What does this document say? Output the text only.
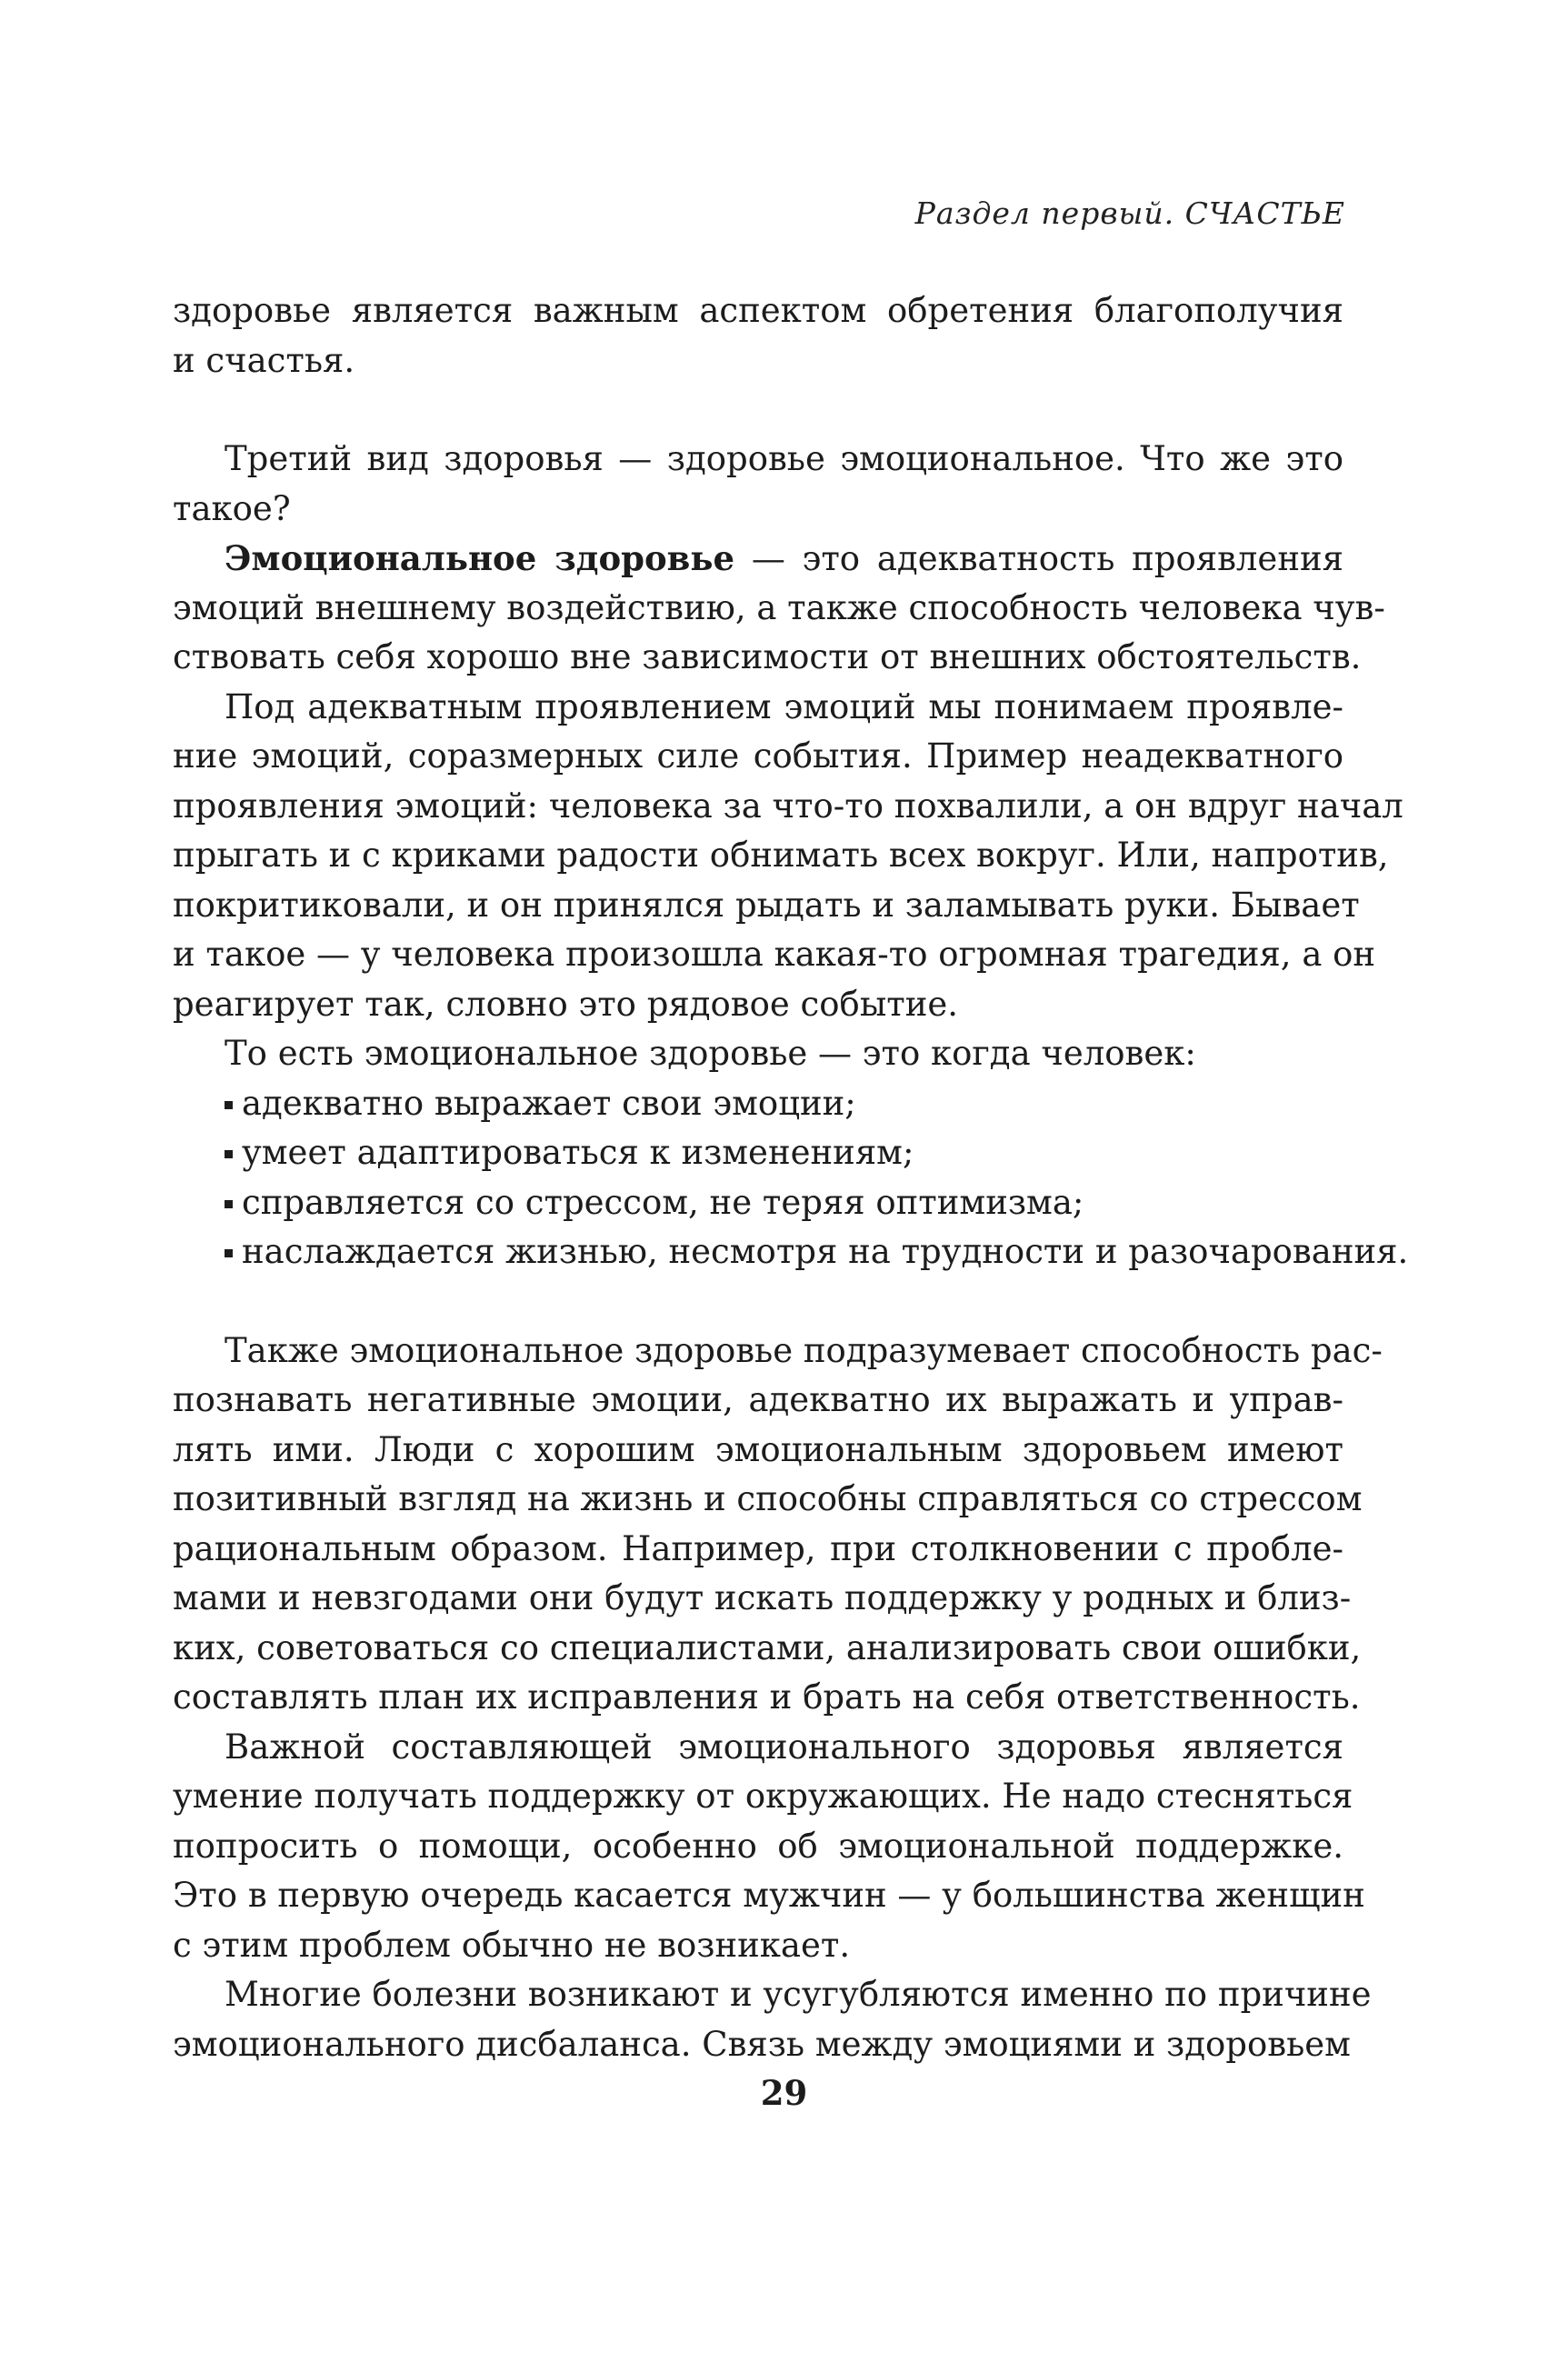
Раздел первый. СЧАСТЬЕ
здоровье является важным аспектом обретения благополучия
и счастья.
Третий вид здоровья — здоровье эмоциональное. Что же это
такое?
Эмоциональное здоровье — это адекватность проявления
эмоций внешнему воздействию, а также способность человека чув-
ствовать себя хорошо вне зависимости от внешних обстоятельств.
Под адекватным проявлением эмоций мы понимаем проявле-
ние эмоций, соразмерных силе события. Пример неадекватного
проявления эмоций: человека за что-то похвалили, а он вдруг начал
прыгать и с криками радости обнимать всех вокруг. Или, напротив,
покритиковали, и он принялся рыдать и заламывать руки. Бывает
и такое — у человека произошла какая-то огромная трагедия, а он
реагирует так, словно это рядовое событие.
То есть эмоциональное здоровье — это когда человек:
адекватно выражает свои эмоции;
умеет адаптироваться к изменениям;
справляется со стрессом, не теряя оптимизма;
наслаждается жизнью, несмотря на трудности и разочарования.
Также эмоциональное здоровье подразумевает способность рас-
познавать негативные эмоции, адекватно их выражать и управ-
лять ими. Люди с хорошим эмоциональным здоровьем имеют
позитивный взгляд на жизнь и способны справляться со стрессом
рациональным образом. Например, при столкновении с пробле-
мами и невзгодами они будут искать поддержку у родных и близ-
ких, советоваться со специалистами, анализировать свои ошибки,
составлять план их исправления и брать на себя ответственность.
Важной составляющей эмоционального здоровья является
умение получать поддержку от окружающих. Не надо стесняться
попросить о помощи, особенно об эмоциональной поддержке.
Это в первую очередь касается мужчин — у большинства женщин
с этим проблем обычно не возникает.
Многие болезни возникают и усугубляются именно по причине
эмоционального дисбаланса. Связь между эмоциями и здоровьем
29
